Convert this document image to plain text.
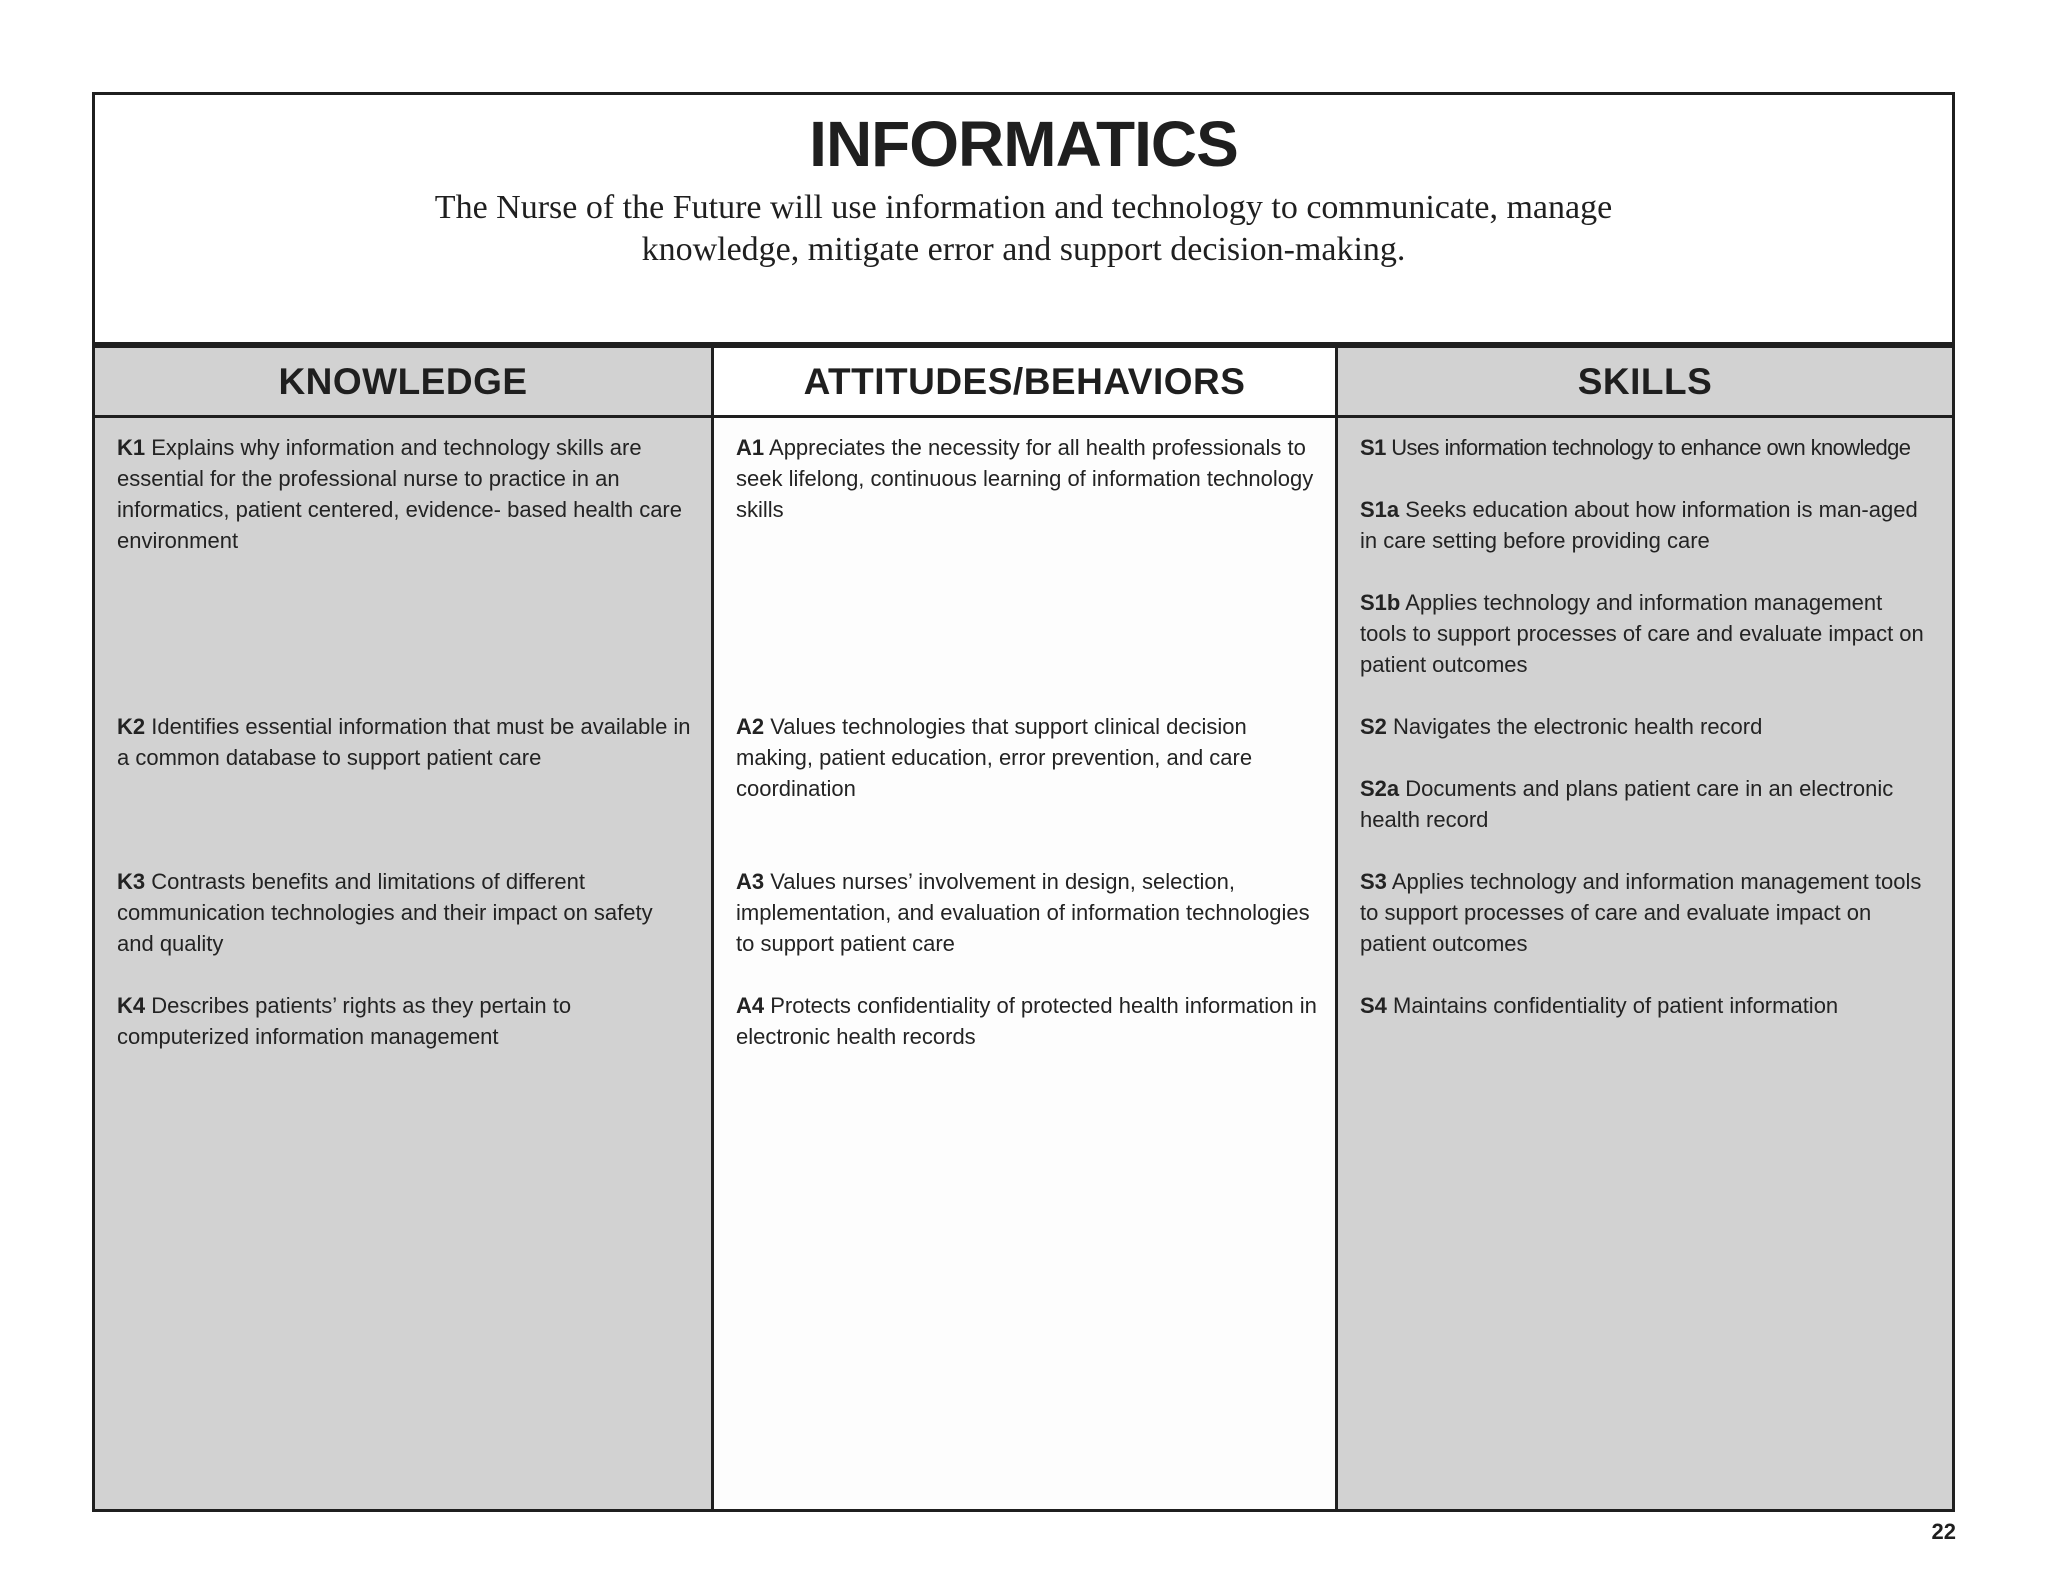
INFORMATICS

The Nurse of the Future will use information and technology to communicate, manage knowledge, mitigate error and support decision-making.

KNOWLEDGE
K1 Explains why information and technology skills are essential for the professional nurse to practice in an informatics, patient centered, evidence- based health care environment
K2 Identifies essential information that must be available in a common database to support patient care
K3 Contrasts benefits and limitations of different communication technologies and their impact on safety and quality
K4 Describes patients’ rights as they pertain to computerized information management
ATTITUDES/BEHAVIORS
A1 Appreciates the necessity for all health professionals to seek lifelong, continuous learning of information technology skills
A2 Values technologies that support clinical decision making, patient education, error prevention, and care coordination
A3 Values nurses’ involvement in design, selection, implementation, and evaluation of information technologies to support patient care
A4 Protects confidentiality of protected health information in electronic health records
SKILLS
S1 Uses information technology to enhance own knowledge
S1a Seeks education about how information is man-aged in care setting before providing care
S1b Applies technology and information management tools to support processes of care and evaluate impact on patient outcomes
S2 Navigates the electronic health record
S2a Documents and plans patient care in an electronic health record
S3 Applies technology and information management tools to support processes of care and evaluate impact on patient outcomes
S4 Maintains confidentiality of patient information
22
